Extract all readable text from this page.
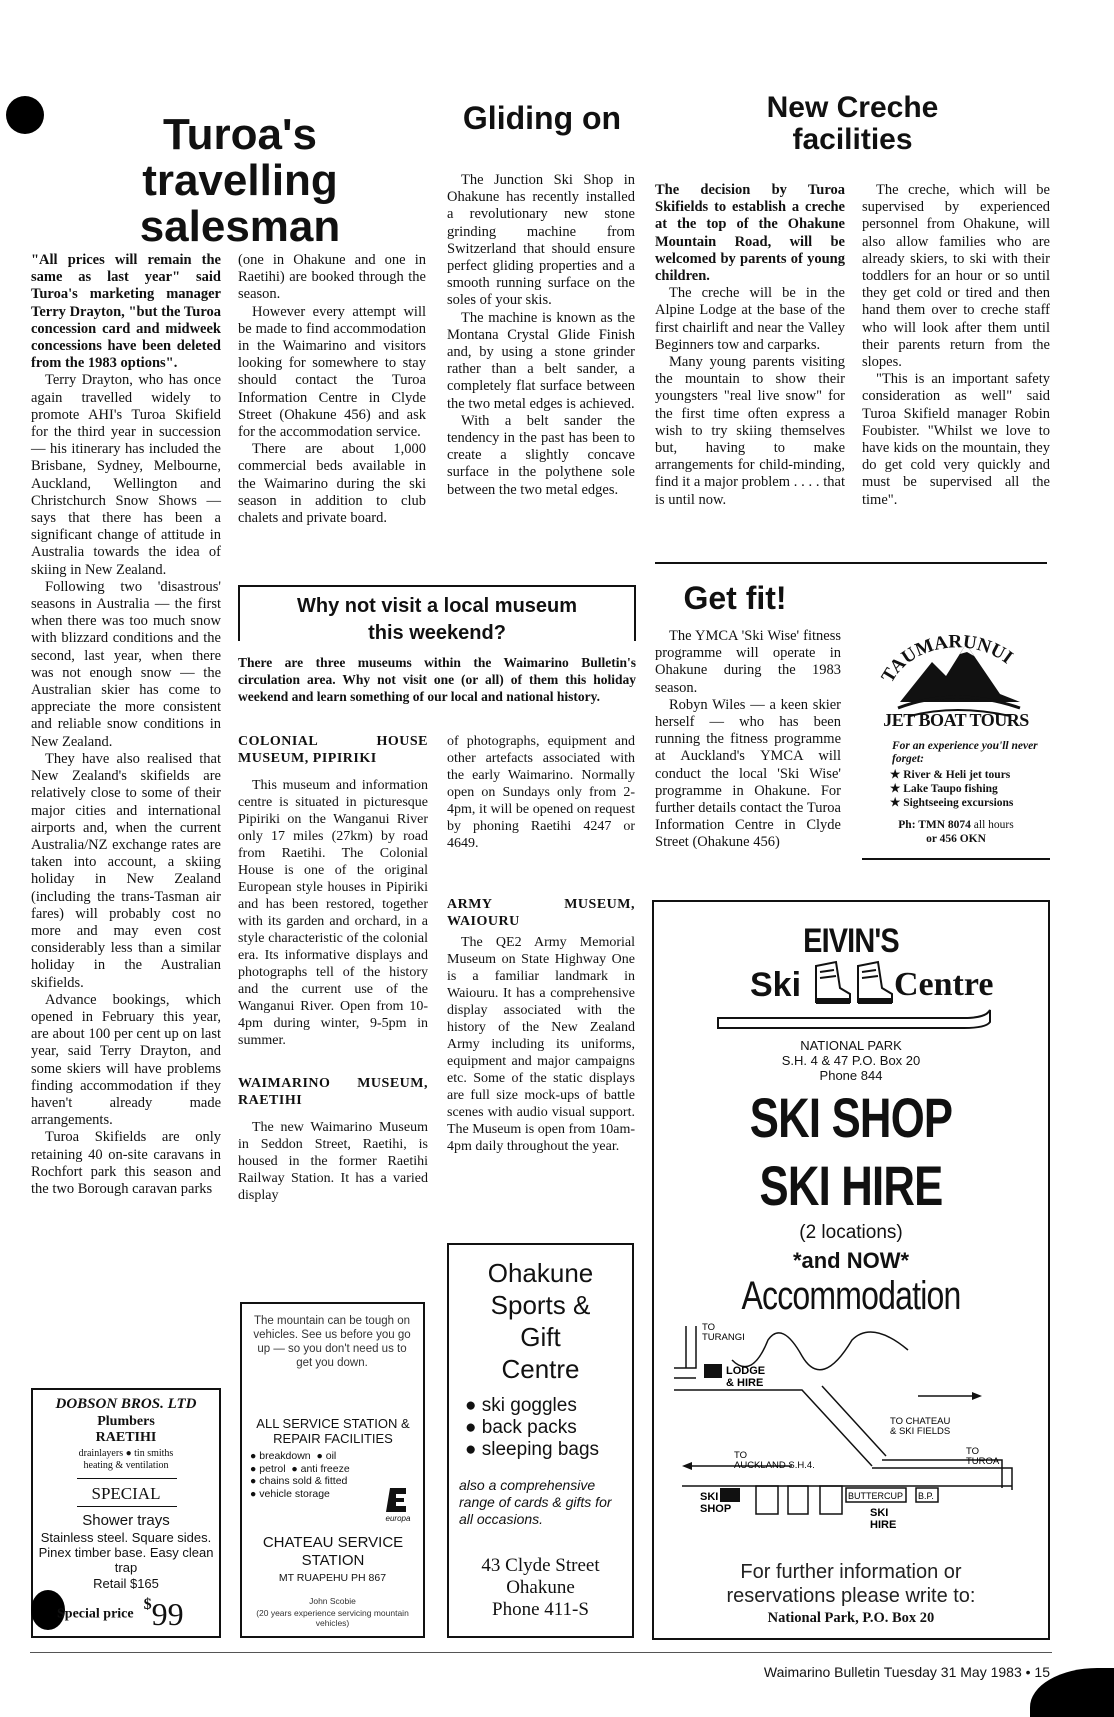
Turoa's travelling salesman

"All prices will remain the same as last year" said Turoa's marketing manager Terry Drayton, "but the Turoa concession card and midweek concessions have been deleted from the 1983 options".

Terry Drayton, who has once again travelled widely to promote AHI's Turoa Skifield for the third year in succession — his itinerary has included the Brisbane, Sydney, Melbourne, Auckland, Wellington and Christchurch Snow Shows — says that there has been a significant change of attitude in Australia towards the idea of skiing in New Zealand.

Following two 'disastrous' seasons in Australia — the first when there was too much snow with blizzard conditions and the second, last year, when there was not enough snow — the Australian skier has come to appreciate the more consistent and reliable snow conditions in New Zealand.

They have also realised that New Zealand's skifields are relatively close to some of their major cities and international airports and, when the current Australia/NZ exchange rates are taken into account, a skiing holiday in New Zealand (including the trans-Tasman air fares) will probably cost no more and may even cost considerably less than a similar holiday in the Australian skifields.

Advance bookings, which opened in February this year, are about 100 per cent up on last year, said Terry Drayton, and some skiers will have problems finding accommodation if they haven't already made arrangements.

Turoa Skifields are only retaining 40 on-site caravans in Rochfort park this season and the two Borough caravan parks

(one in Ohakune and one in Raetihi) are booked through the season.

However every attempt will be made to find accommodation in the Waimarino and visitors looking for somewhere to stay should contact the Turoa Information Centre in Clyde Street (Ohakune 456) and ask for the accommodation service.

There are about 1,000 commercial beds available in the Waimarino during the ski season in addition to club chalets and private board.

Gliding on

The Junction Ski Shop in Ohakune has recently installed a revolutionary new stone grinding machine from Switzerland that should ensure perfect gliding properties and a smooth running surface on the soles of your skis.

The machine is known as the Montana Crystal Glide Finish and, by using a stone grinder rather than a belt sander, a completely flat surface between the two metal edges is achieved.

With a belt sander the tendency in the past has been to create a slightly concave surface in the polythene sole between the two metal edges.

New Creche facilities

The decision by Turoa Skifields to establish a creche at the top of the Ohakune Mountain Road, will be welcomed by parents of young children.

The creche will be in the Alpine Lodge at the base of the first chairlift and near the Valley Beginners tow and carparks.

Many young parents visiting the mountain to show their youngsters "real live snow" for the first time often express a wish to try skiing themselves but, having to make arrangements for child-minding, find it a major problem . . . . that is until now.

The creche, which will be supervised by experienced personnel from Ohakune, will also allow families who are already skiers, to ski with their toddlers for an hour or so until they get cold or tired and then hand them over to creche staff who will look after them until their parents return from the slopes.

"This is an important safety consideration as well" said Turoa Skifield manager Robin Foubister. "Whilst we love to have kids on the mountain, they do get cold very quickly and must be supervised all the time".

Why not visit a local museum this weekend?

There are three museums within the Waimarino Bulletin's circulation area. Why not visit one (or all) of them this holiday weekend and learn something of our local and national history.

COLONIAL HOUSE MUSEUM, PIPIRIKI

This museum and information centre is situated in picturesque Pipiriki on the Wanganui River only 17 miles (27km) by road from Raetihi. The Colonial House is one of the original European style houses in Pipiriki and has been restored, together with its garden and orchard, in a style characteristic of the colonial era. Its informative displays and photographs tell of the history and the current use of the Wanganui River. Open from 10-4pm during winter, 9-5pm in summer.

WAIMARINO MUSEUM, RAETIHI

The new Waimarino Museum in Seddon Street, Raetihi, is housed in the former Raetihi Railway Station. It has a varied display

of photographs, equipment and other artefacts associated with the early Waimarino. Normally open on Sundays only from 2-4pm, it will be opened on request by phoning Raetihi 4247 or 4649.

ARMY MUSEUM, WAIOURU

The QE2 Army Memorial Museum on State Highway One is a familiar landmark in Waiouru. It has a comprehensive display associated with the history of the New Zealand Army including its uniforms, equipment and major campaigns etc. Some of the static displays are full size mock-ups of battle scenes with audio visual support. The Museum is open from 10am-4pm daily throughout the year.

Get fit!

The YMCA 'Ski Wise' fitness programme will operate in Ohakune during the 1983 season.

Robyn Wiles — a keen skier herself — who has been running the fitness programme at Auckland's YMCA will conduct the local 'Ski Wise' programme in Ohakune. For further details contact the Turoa Information Centre in Clyde Street (Ohakune 456)

TAUMARUNUI
JET BOAT TOURS
For an experience you'll never forget:
★ River & Heli jet tours
★ Lake Taupo fishing
★ Sightseeing excursions
Ph: TMN 8074 all hours
or 456 OKN
EIVIN'S
Ski	Centre
NATIONAL PARK
S.H. 4 & 47 P.O. Box 20
Phone 844
SKI SHOP
SKI HIRE
(2 locations)
*and NOW*
Accommodation
TO
TURANGI
LODGE
& HIRE
TO CHATEAU
& SKI FIELDS
TO
AUCKLAND S.H.4.
TO
TUROA
SKI
SHOP
BUTTERCUP B.P.
SKI
HIRE
For further information or
reservations please write to:
National Park, P.O. Box 20
DOBSON BROS. LTD
Plumbers
RAETIHI
drainlayers ● tin smiths
heating & ventilation
SPECIAL
Shower trays
Stainless steel. Square sides. Pinex timber base. Easy clean trap
Retail $165
Special price $99
The mountain can be tough on vehicles. See us before you go up — so you don't need us to get you down.
ALL SERVICE STATION & REPAIR FACILITIES
● breakdown  ● oil
● petrol  ● anti freeze
● chains sold & fitted
● vehicle storage
europa
CHATEAU SERVICE STATION
MT RUAPEHU PH 867
John Scobie
(20 years experience servicing mountain vehicles)
Ohakune
Sports &
Gift
Centre
● ski goggles
● back packs
● sleeping bags
also a comprehensive range of cards & gifts for all occasions.
43 Clyde Street
Ohakune
Phone 411-S
Waimarino Bulletin Tuesday 31 May 1983 • 15
